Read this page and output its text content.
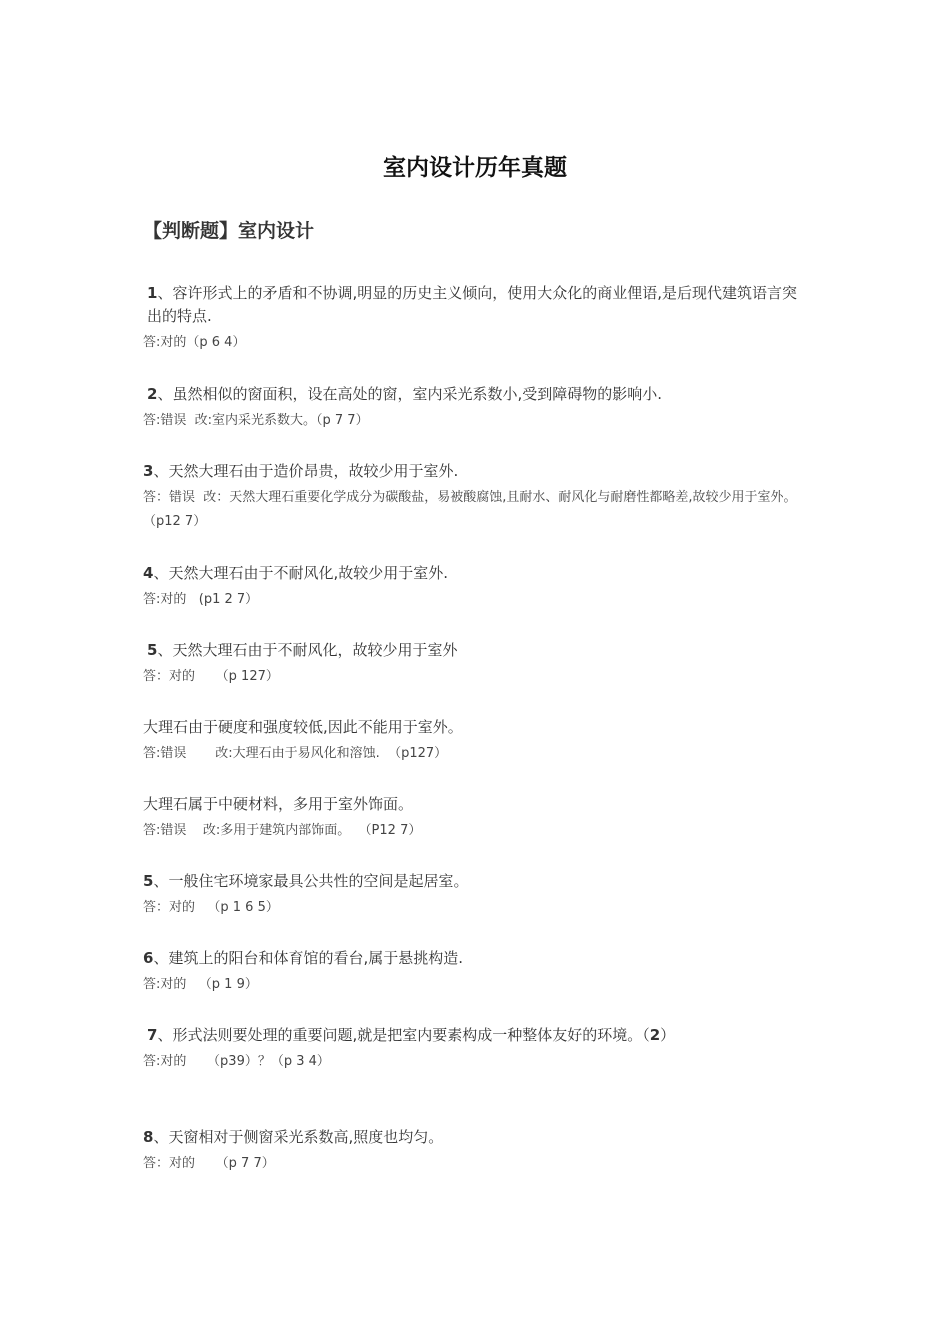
室内设计历年真题
【判断题】室内设计

1、容许形式上的矛盾和不协调,明显的历史主义倾向，使用大众化的商业俚语,是后现代建筑语言突出的特点.

答:对的（p 6 4）

2、虽然相似的窗面积，设在高处的窗，室内采光系数小,受到障碍物的影响小.

答:错误  改:室内采光系数大。（p 7 7）

3、天然大理石由于造价昂贵，故较少用于室外.

答：错误  改：天然大理石重要化学成分为碳酸盐，易被酸腐蚀,且耐水、耐风化与耐磨性都略差,故较少用于室外。  （p12 7）

4、天然大理石由于不耐风化,故较少用于室外.

答:对的   (p1 2 7）

5、天然大理石由于不耐风化，故较少用于室外

答：对的     （p 127）

大理石由于硬度和强度较低,因此不能用于室外。

答:错误       改:大理石由于易风化和溶蚀.  （p127）

大理石属于中硬材料，多用于室外饰面。

答:错误    改:多用于建筑内部饰面。  （P12 7）

5、一般住宅环境家最具公共性的空间是起居室。

答：对的   （p 1 6 5）

6、建筑上的阳台和体育馆的看台,属于悬挑构造.

答:对的   （p 1 9）

7、形式法则要处理的重要问题,就是把室内要素构成一种整体友好的环境。（2）

答:对的     （p39）？（p 3 4）

8、天窗相对于侧窗采光系数高,照度也均匀。

答：对的     （p 7 7）
